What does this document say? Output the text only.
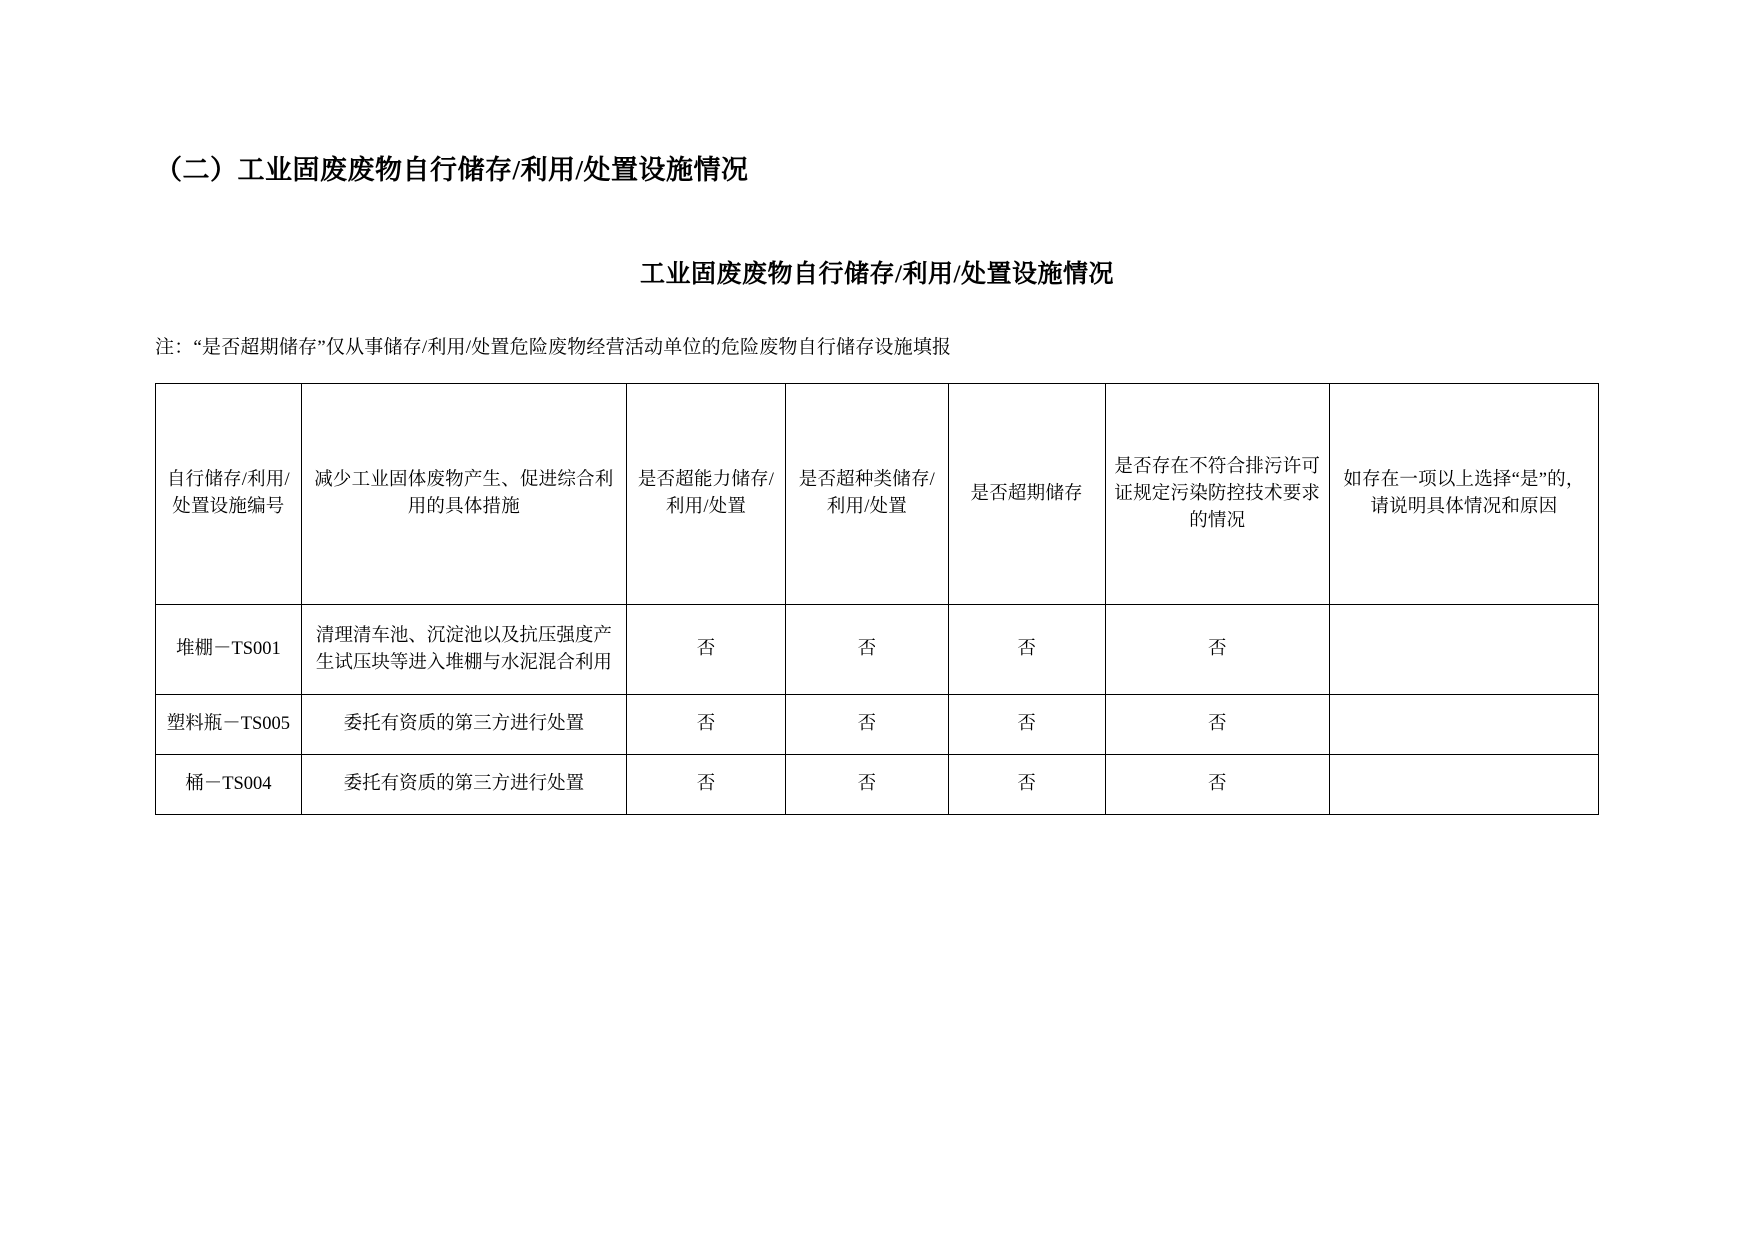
（二）工业固废废物自行储存/利用/处置设施情况
工业固废废物自行储存/利用/处置设施情况
注：“是否超期储存”仅从事储存/利用/处置危险废物经营活动单位的危险废物自行储存设施填报
自行储存/利用/处置设施编号	减少工业固体废物产生、促进综合利用的具体措施	是否超能力储存/利用/处置	是否超种类储存/利用/处置	是否超期储存	是否存在不符合排污许可证规定污染防控技术要求的情况	如存在一项以上选择“是”的，请说明具体情况和原因
堆棚－TS001	清理清车池、沉淀池以及抗压强度产生试压块等进入堆棚与水泥混合利用	否	否	否	否	
塑料瓶－TS005	委托有资质的第三方进行处置	否	否	否	否	
桶－TS004	委托有资质的第三方进行处置	否	否	否	否	
